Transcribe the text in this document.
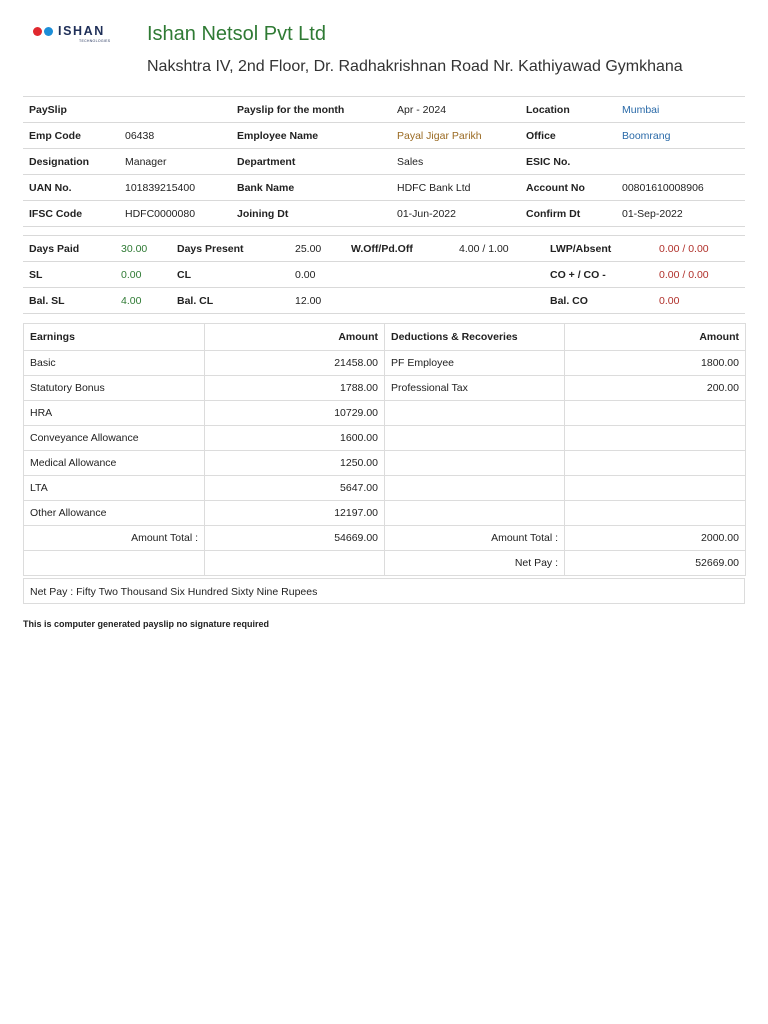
ISHAN
TECHNOLOGIES Ishan Netsol Pvt Ltd
Nakshtra IV, 2nd Floor, Dr. Radhakrishnan Road Nr. Kathiyawad Gymkhana
PaySlip		Payslip for the month	Apr - 2024	Location	Mumbai
Emp Code	06438	Employee Name	Payal Jigar Parikh	Office	Boomrang
Designation	Manager	Department	Sales	ESIC No.	
UAN No.	101839215400	Bank Name	HDFC Bank Ltd	Account No	00801610008906
IFSC Code	HDFC0000080	Joining Dt	01-Jun-2022	Confirm Dt	01-Sep-2022
Days Paid	30.00	Days Present	25.00	W.Off/Pd.Off	4.00 / 1.00	LWP/Absent	0.00 / 0.00
SL	0.00	CL	0.00			CO + / CO -	0.00 / 0.00
Bal. SL	4.00	Bal. CL	12.00			Bal. CO	0.00
Earnings	Amount	Deductions & Recoveries	Amount
Basic	21458.00	PF Employee	1800.00
Statutory Bonus	1788.00	Professional Tax	200.00
HRA	10729.00		
Conveyance Allowance	1600.00		
Medical Allowance	1250.00		
LTA	5647.00		
Other Allowance	12197.00		
Amount Total :	54669.00	Amount Total :	2000.00
		Net Pay :	52669.00
Net Pay : Fifty Two Thousand Six Hundred Sixty Nine Rupees
This is computer generated payslip no signature required
